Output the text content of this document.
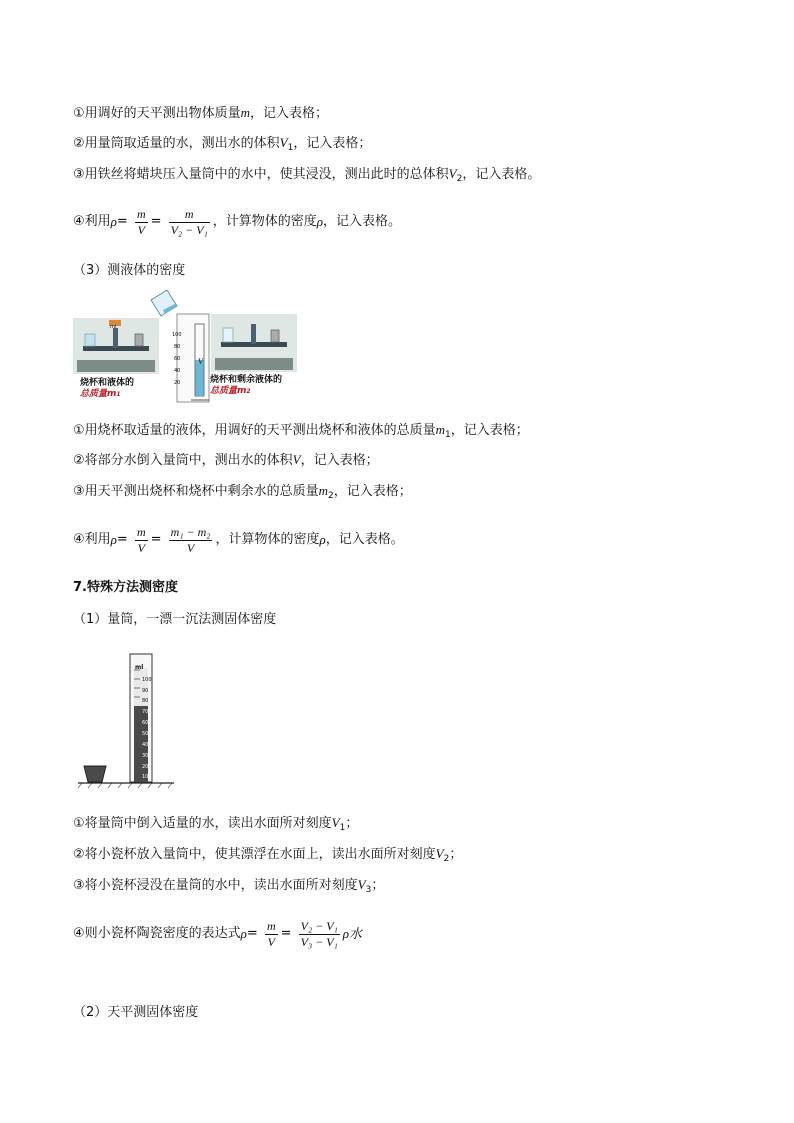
①用调好的天平测出物体质量m，记入表格；
②用量筒取适量的水，测出水的体积$V_1$，记入表格；
③用铁丝将蜡块压入量筒中的水中，使其浸没，测出此时的总体积$V_2$，记入表格。
④利用$\rho= \frac{m}{V} = \frac{m}{\text{V₂ − V₁}}$ ，计算物体的密度ρ，记入表格。
（3）测液体的密度
ml
100
80
60
40
20
V
烧杯和液体的
总质量m1
烧杯和剩余液体的
总质量m2
①用烧杯取适量的液体，用调好的天平测出烧杯和液体的总质量$m_1$，记入表格；
②将部分水倒入量筒中，测出水的体积V，记入表格；
③用天平测出烧杯和烧杯中剩余水的总质量$m_2$，记入表格；
④利用$\rho= \frac{m}{V} = \frac{\text{m₁ − m₂}}{V}$ ，计算物体的密度ρ，记入表格。
7.特殊方法测密度
（1）量筒，一漂一沉法测固体密度
ml
100
90
80
70
60
50
40
30
20
10
①将量筒中倒入适量的水，读出水面所对刻度$V_1$；
②将小瓷杯放入量筒中，使其漂浮在水面上，读出水面所对刻度$V_2$；
③将小瓷杯浸没在量筒的水中，读出水面所对刻度$V_3$；
④则小瓷杯陶瓷密度的表达式$\rho= \frac{m}{V} = \frac{\text{V₂ − V₁}}{\text{V₃ − V₁}}$ ρ水
（2）天平测固体密度
